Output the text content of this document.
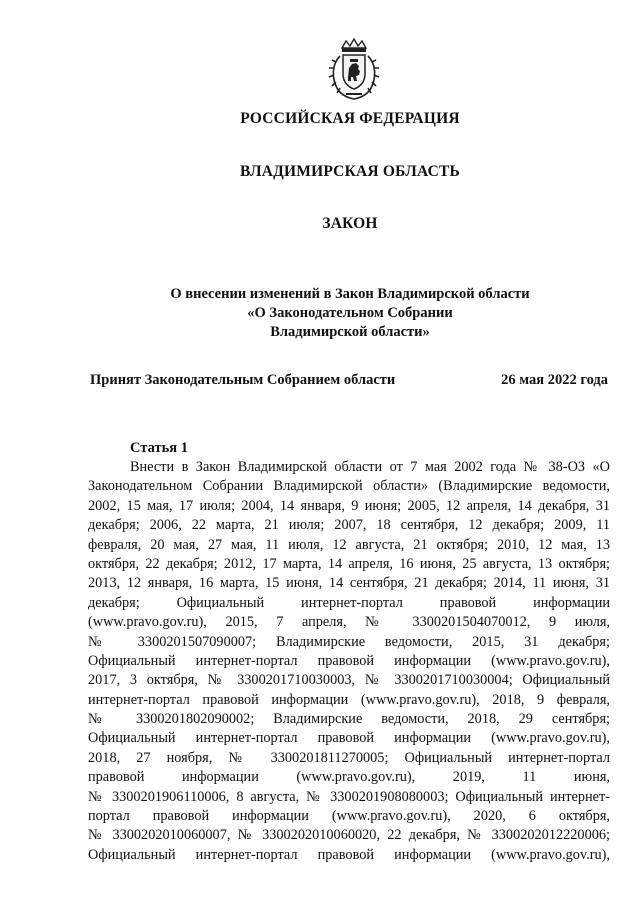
РОССИЙСКАЯ ФЕДЕРАЦИЯ
ВЛАДИМИРСКАЯ ОБЛАСТЬ
ЗАКОН
О внесении изменений в Закон Владимирской области
«О Законодательном Собрании
Владимирской области»
Принят Законодательным Собранием области	26 мая 2022 года
Статья 1
Внести в Закон Владимирской области от 7 мая 2002 года № 38-ОЗ «О
Законодательном Собрании Владимирской области» (Владимирские ведомости,
2002, 15 мая, 17 июля; 2004, 14 января, 9 июня; 2005, 12 апреля, 14 декабря, 31
декабря; 2006, 22 марта, 21 июля; 2007, 18 сентября, 12 декабря; 2009, 11
февраля, 20 мая, 27 мая, 11 июля, 12 августа, 21 октября; 2010, 12 мая, 13
октября, 22 декабря; 2012, 17 марта, 14 апреля, 16 июня, 25 августа, 13 октября;
2013, 12 января, 16 марта, 15 июня, 14 сентября, 21 декабря; 2014, 11 июня, 31
декабря; Официальный интернет-портал правовой информации
(www.pravo.gov.ru), 2015, 7 апреля, № 3300201504070012, 9 июля,
№ 3300201507090007; Владимирские ведомости, 2015, 31 декабря;
Официальный интернет-портал правовой информации (www.pravo.gov.ru),
2017, 3 октября, № 3300201710030003, № 3300201710030004; Официальный
интернет-портал правовой информации (www.pravo.gov.ru), 2018, 9 февраля,
№ 3300201802090002; Владимирские ведомости, 2018, 29 сентября;
Официальный интернет-портал правовой информации (www.pravo.gov.ru),
2018, 27 ноября, № 3300201811270005; Официальный интернет-портал
правовой информации (www.pravo.gov.ru), 2019, 11 июня,
№ 3300201906110006, 8 августа, № 3300201908080003; Официальный интернет-
портал правовой информации (www.pravo.gov.ru), 2020, 6 октября,
№ 3300202010060007, № 3300202010060020, 22 декабря, № 3300202012220006;
Официальный интернет-портал правовой информации (www.pravo.gov.ru),
